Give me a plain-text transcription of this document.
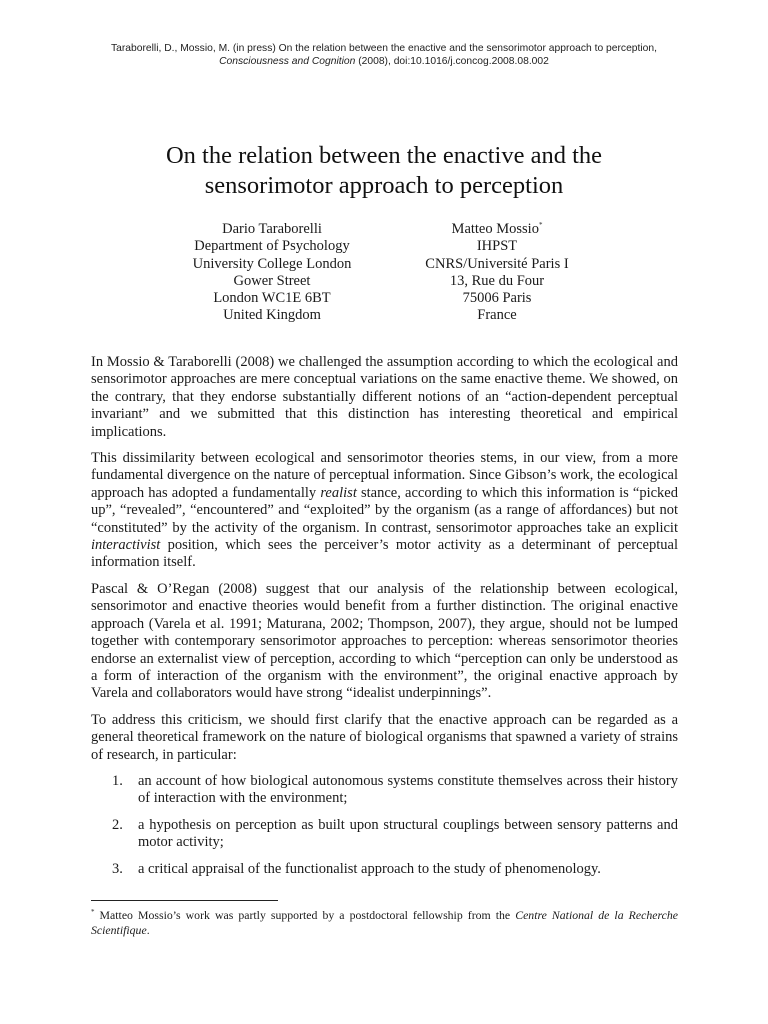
Taraborelli, D., Mossio, M. (in press) On the relation between the enactive and the sensorimotor approach to perception,
Consciousness and Cognition (2008), doi:10.1016/j.concog.2008.08.002
On the relation between the enactive and the
sensorimotor approach to perception
Dario Taraborelli
Department of Psychology
University College London
Gower Street
London WC1E 6BT
United Kingdom
Matteo Mossio*
IHPST
CNRS/Université Paris I
13, Rue du Four
75006 Paris
France

In Mossio & Taraborelli (2008) we challenged the assumption according to which the ecological and sensorimotor approaches are mere conceptual variations on the same enactive theme. We showed, on the contrary, that they endorse substantially different notions of an “action-dependent perceptual invariant” and we submitted that this distinction has interesting theoretical and empirical implications.

This dissimilarity between ecological and sensorimotor theories stems, in our view, from a more fundamental divergence on the nature of perceptual information. Since Gibson’s work, the ecological approach has adopted a fundamentally realist stance, according to which this information is “picked up”, “revealed”, “encountered” and “exploited” by the organism (as a range of affordances) but not “constituted” by the activity of the organism. In contrast, sensorimotor approaches take an explicit interactivist position, which sees the perceiver’s motor activity as a determinant of perceptual information itself.

Pascal & O’Regan (2008) suggest that our analysis of the relationship between ecological, sensorimotor and enactive theories would benefit from a further distinction. The original enactive approach (Varela et al. 1991; Maturana, 2002; Thompson, 2007), they argue, should not be lumped together with contemporary sensorimotor approaches to perception: whereas sensorimotor theories endorse an externalist view of perception, according to which “perception can only be understood as a form of interaction of the organism with the environment”, the original enactive approach by Varela and collaborators would have strong “idealist underpinnings”.

To address this criticism, we should first clarify that the enactive approach can be regarded as a general theoretical framework on the nature of biological organisms that spawned a variety of strains of research, in particular:

1. an account of how biological autonomous systems constitute themselves across their history of interaction with the environment;
2. a hypothesis on perception as built upon structural couplings between sensory patterns and motor activity;
3. a critical appraisal of the functionalist approach to the study of phenomenology.
* Matteo Mossio’s work was partly supported by a postdoctoral fellowship from the Centre National de la Recherche Scientifique.
